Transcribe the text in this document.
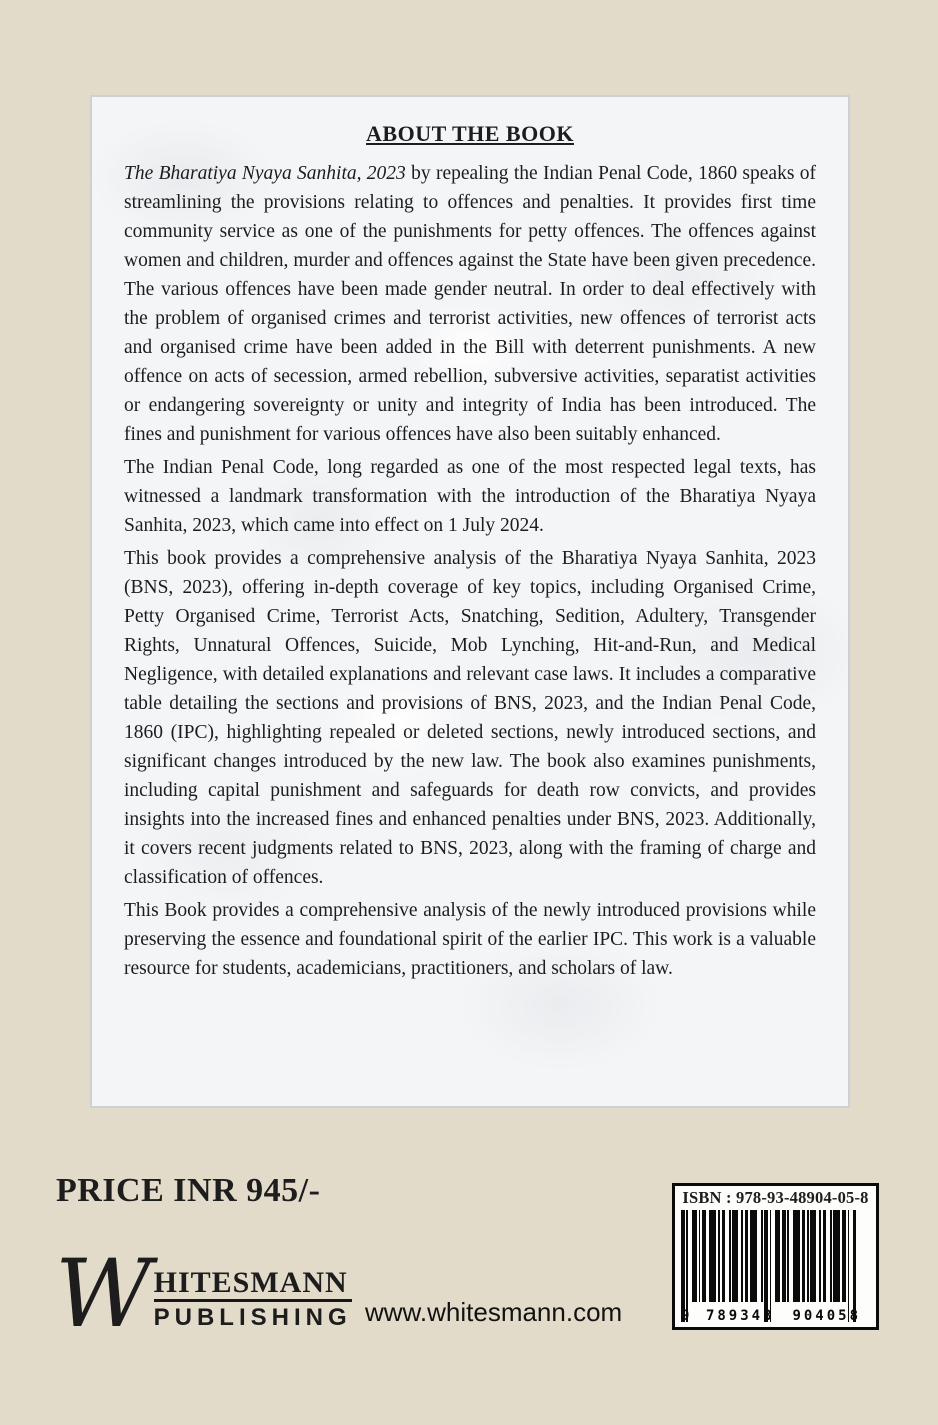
ABOUT THE BOOK

The Bharatiya Nyaya Sanhita, 2023 by repealing the Indian Penal Code, 1860 speaks of streamlining the provisions relating to offences and penalties. It provides first time community service as one of the punishments for petty offences. The offences against women and children, murder and offences against the State have been given precedence. The various offences have been made gender neutral. In order to deal effectively with the problem of organised crimes and terrorist activities, new offences of terrorist acts and organised crime have been added in the Bill with deterrent punishments. A new offence on acts of secession, armed rebellion, subversive activities, separatist activities or endangering sovereignty or unity and integrity of India has been introduced. The fines and punishment for various offences have also been suitably enhanced.

The Indian Penal Code, long regarded as one of the most respected legal texts, has witnessed a landmark transformation with the introduction of the Bharatiya Nyaya Sanhita, 2023, which came into effect on 1 July 2024.

This book provides a comprehensive analysis of the Bharatiya Nyaya Sanhita, 2023 (BNS, 2023), offering in-depth coverage of key topics, including Organised Crime, Petty Organised Crime, Terrorist Acts, Snatching, Sedition, Adultery, Transgender Rights, Unnatural Offences, Suicide, Mob Lynching, Hit-and-Run, and Medical Negligence, with detailed explanations and relevant case laws. It includes a comparative table detailing the sections and provisions of BNS, 2023, and the Indian Penal Code, 1860 (IPC), highlighting repealed or deleted sections, newly introduced sections, and significant changes introduced by the new law. The book also examines punishments, including capital punishment and safeguards for death row convicts, and provides insights into the increased fines and enhanced penalties under BNS, 2023. Additionally, it covers recent judgments related to BNS, 2023, along with the framing of charge and classification of offences.

This Book provides a comprehensive analysis of the newly introduced provisions while preserving the essence and foundational spirit of the earlier IPC. This work is a valuable resource for students, academicians, practitioners, and scholars of law.

PRICE INR 945/-
W HITESMANN
PUBLISHING www.whitesmann.com
ISBN : 978-93-48904-05-8
9	789348	904058
